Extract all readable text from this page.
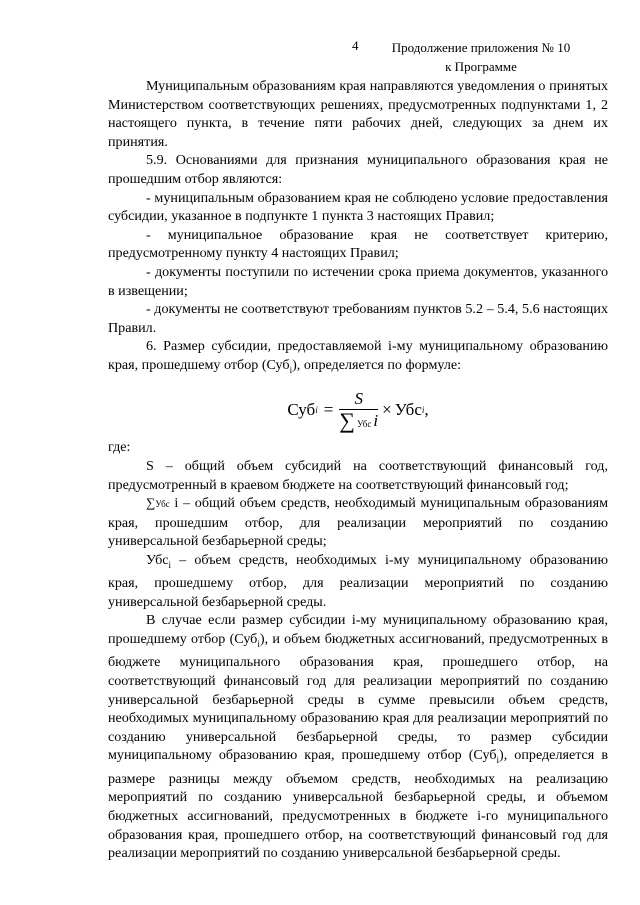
4	Продолжение приложения № 10
к Программе

Муниципальным образованиям края направляются уведомления о принятых Министерством соответствующих решениях, предусмотренных подпунктами 1, 2 настоящего пункта, в течение пяти рабочих дней, следующих за днем их принятия.

5.9. Основаниями для признания муниципального образования края не прошедшим отбор являются:

- муниципальным образованием края не соблюдено условие предоставления субсидии, указанное в подпункте 1 пункта 3 настоящих Правил;

- муниципальное образование края не соответствует критерию, предусмотренному пункту 4 настоящих Правил;

- документы поступили по истечении срока приема документов, указанного в извещении;

- документы не соответствуют требованиям пунктов 5.2 – 5.4, 5.6 настоящих Правил.

6. Размер субсидии, предоставляемой i-му муниципальному образованию края, прошедшему отбор (Суб$_i$), определяется по формуле:

Суб $i = \frac{S}{\text{∑ Убс i}}$ × Убс i ,

где:

S – общий объем субсидий на соответствующий финансовый год, предусмотренный в краевом бюджете на соответствующий финансовый год;

∑Убс i – общий объем средств, необходимый муниципальным образованиям края, прошедшим отбор, для реализации мероприятий по созданию универсальной безбарьерной среды;

Убс$_i$ – объем средств, необходимых i-му муниципальному образованию края, прошедшему отбор, для реализации мероприятий по созданию универсальной безбарьерной среды.

В случае если размер субсидии i-му муниципальному образованию края, прошедшему отбор (Суб$_i$), и объем бюджетных ассигнований, предусмотренных в бюджете муниципального образования края, прошедшего отбор, на соответствующий финансовый год для реализации мероприятий по созданию универсальной безбарьерной среды в сумме превысили объем средств, необходимых муниципальному образованию края для реализации мероприятий по созданию универсальной безбарьерной среды, то размер субсидии муниципальному образованию края, прошедшему отбор (Суб$_i$), определяется в размере разницы между объемом средств, необходимых на реализацию мероприятий по созданию универсальной безбарьерной среды, и объемом бюджетных ассигнований, предусмотренных в бюджете i-го муниципального образования края, прошедшего отбор, на соответствующий финансовый год для реализации мероприятий по созданию универсальной безбарьерной среды.
